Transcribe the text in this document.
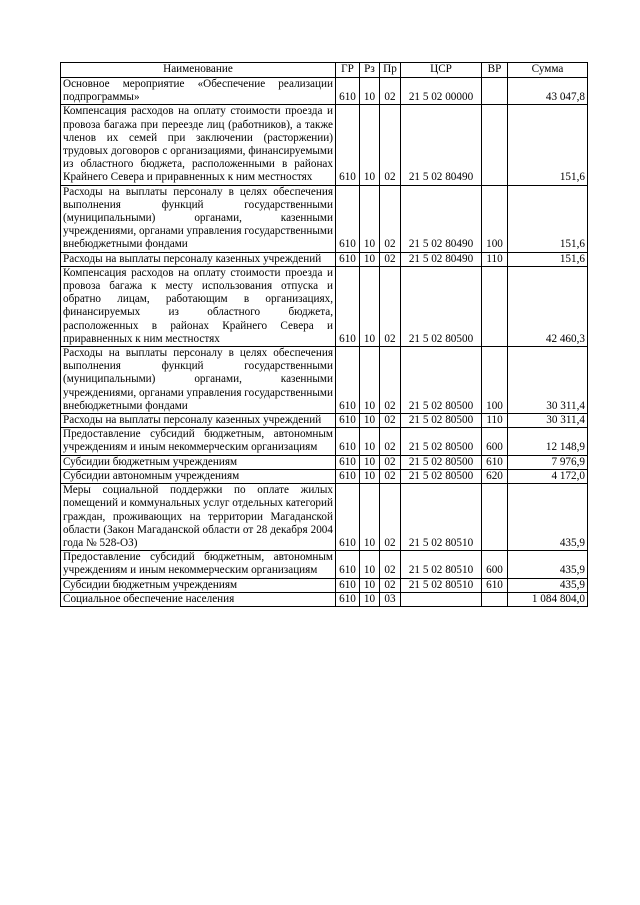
Наименование	ГР	Рз	Пр	ЦСР	ВР	Сумма
Основное мероприятие «Обеспечение реализации подпрограммы»	610	10	02	21 5 02 00000		43 047,8
Компенсация расходов на оплату стоимости проезда и провоза багажа при переезде лиц (работников), а также членов их семей при заключении (расторжении) трудовых договоров с организациями, финансируемыми из областного бюджета, расположенными в районах Крайнего Севера и приравненных к ним местностях	610	10	02	21 5 02 80490		151,6
Расходы на выплаты персоналу в целях обеспечения выполнения функций государственными (муниципальными) органами, казенными учреждениями, органами управления государственными внебюджетными фондами	610	10	02	21 5 02 80490	100	151,6
Расходы на выплаты персоналу казенных учреждений	610	10	02	21 5 02 80490	110	151,6
Компенсация расходов на оплату стоимости проезда и провоза багажа к месту использования отпуска и обратно лицам, работающим в организациях, финансируемых из областного бюджета, расположенных в районах Крайнего Севера и приравненных к ним местностях	610	10	02	21 5 02 80500		42 460,3
Расходы на выплаты персоналу в целях обеспечения выполнения функций государственными (муниципальными) органами, казенными учреждениями, органами управления государственными внебюджетными фондами	610	10	02	21 5 02 80500	100	30 311,4
Расходы на выплаты персоналу казенных учреждений	610	10	02	21 5 02 80500	110	30 311,4
Предоставление субсидий бюджетным, автономным учреждениям и иным некоммерческим организациям	610	10	02	21 5 02 80500	600	12 148,9
Субсидии бюджетным учреждениям	610	10	02	21 5 02 80500	610	7 976,9
Субсидии автономным учреждениям	610	10	02	21 5 02 80500	620	4 172,0
Меры социальной поддержки по оплате жилых помещений и коммунальных услуг отдельных категорий граждан, проживающих на территории Магаданской области (Закон Магаданской области от 28 декабря 2004 года № 528-ОЗ)	610	10	02	21 5 02 80510		435,9
Предоставление субсидий бюджетным, автономным учреждениям и иным некоммерческим организациям	610	10	02	21 5 02 80510	600	435,9
Субсидии бюджетным учреждениям	610	10	02	21 5 02 80510	610	435,9
Социальное обеспечение населения	610	10	03			1 084 804,0
